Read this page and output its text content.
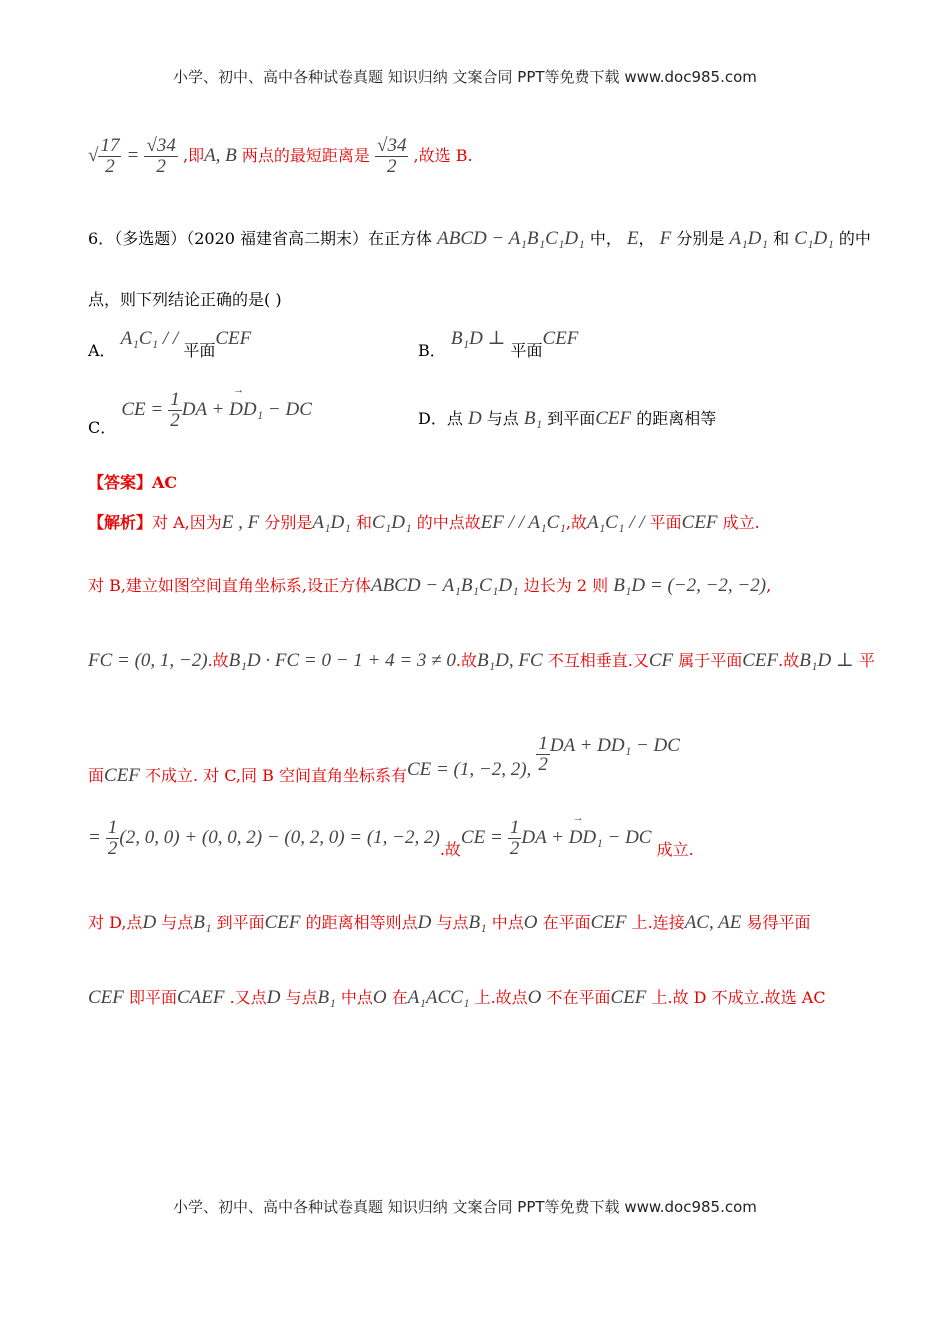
小学、初中、高中各种试卷真题 知识归纳 文案合同 PPT等免费下载 www.doc985.com
√ $\frac{17}{2} = \frac{√34}{2}$ ,即A, B 两点的最短距离是 $\frac{√34}{2}$ ,故选 B.
6．（多选题）（2020 福建省高二期末）在正方体 ABCD − A₁B₁C₁D₁ 中， E， F 分别是 A₁D₁ 和 C₁D₁ 的中
点，则下列结论正确的是( )
A． A₁C₁ / / 平面CEF
B． B₁D ⊥ 平面CEF
C． CE = $\frac{1}{2}$ DA + → DD₁ − DC	D．点 D 与点 B₁ 到平面CEF 的距离相等
【答案】AC
【解析】对 A,因为E , F 分别是A₁D₁ 和C₁D₁ 的中点故EF / / A₁C₁,故A₁C₁ / / 平面CEF 成立.
对 B,建立如图空间直角坐标系,设正方体ABCD − A₁B₁C₁D₁ 边长为 2 则 B₁D = (−2, −2, −2),
FC = (0, 1, −2).故B₁D · FC = 0 − 1 + 4 = 3 ≠ 0.故B₁D, FC 不互相垂直.又CF 属于平面CEF.故B₁D ⊥ 平
面CEF 不成立. 对 C,同 B 空间直角坐标系有CE = (1, −2, 2), $\frac{1}{2}$ DA + DD₁ − DC
= $\frac{1}{2} (2$, 0, 0) + (0, 0, 2) − (0, 2, 0) = (1, −2, 2).故CE = $\frac{1}{2}$ DA + → DD₁ − DC 成立.
对 D,点D 与点B₁ 到平面CEF 的距离相等则点D 与点B₁ 中点O 在平面CEF 上.连接AC, AE 易得平面
CEF 即平面CAEF .又点D 与点B₁ 中点O 在A₁ACC₁ 上.故点O 不在平面CEF 上.故 D 不成立.故选 AC
小学、初中、高中各种试卷真题 知识归纳 文案合同 PPT等免费下载 www.doc985.com
